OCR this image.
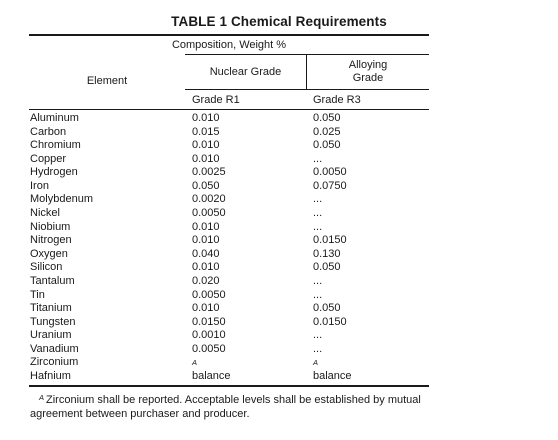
TABLE 1 Chemical Requirements
Composition, Weight %
Element
Nuclear Grade
Alloying
Grade
Grade R1	Grade R3
Aluminum	0.010	0.050
Carbon	0.015	0.025
Chromium	0.010	0.050
Copper	0.010	...
Hydrogen	0.0025	0.0050
Iron	0.050	0.0750
Molybdenum	0.0020	...
Nickel	0.0050	...
Niobium	0.010	...
Nitrogen	0.010	0.0150
Oxygen	0.040	0.130
Silicon	0.010	0.050
Tantalum	0.020	...
Tin	0.0050	...
Titanium	0.010	0.050
Tungsten	0.0150	0.0150
Uranium	0.0010	...
Vanadium	0.0050	...
Zirconium	$^A$	$^A$
Hafnium	balance	balance
$^A$ Zirconium shall be reported. Acceptable levels shall be established by mutual agreement between purchaser and producer.
